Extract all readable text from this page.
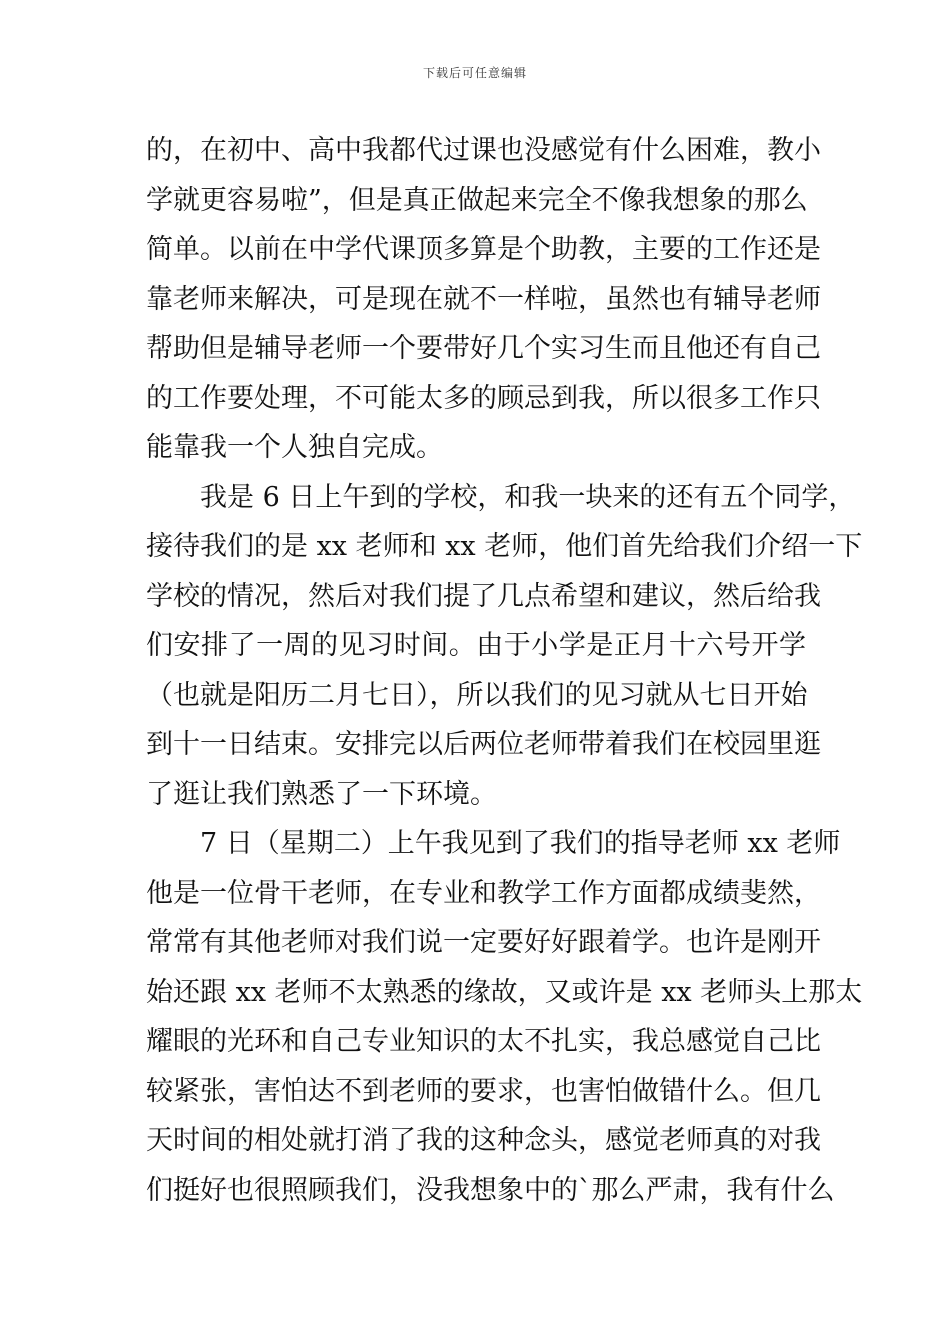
下载后可任意编辑
的，在初中、高中我都代过课也没感觉有什么困难，教小
学就更容易啦”，但是真正做起来完全不像我想象的那么
简单。以前在中学代课顶多算是个助教，主要的工作还是
靠老师来解决，可是现在就不一样啦，虽然也有辅导老师
帮助但是辅导老师一个要带好几个实习生而且他还有自己
的工作要处理，不可能太多的顾忌到我，所以很多工作只
能靠我一个人独自完成。
我是 6 日上午到的学校，和我一块来的还有五个同学，
接待我们的是 xx 老师和 xx 老师，他们首先给我们介绍一下
学校的情况，然后对我们提了几点希望和建议，然后给我
们安排了一周的见习时间。由于小学是正月十六号开学
（也就是阳历二月七日），所以我们的见习就从七日开始
到十一日结束。安排完以后两位老师带着我们在校园里逛
了逛让我们熟悉了一下环境。
7 日（星期二）上午我见到了我们的指导老师 xx 老师
他是一位骨干老师，在专业和教学工作方面都成绩斐然，
常常有其他老师对我们说一定要好好跟着学。也许是刚开
始还跟 xx 老师不太熟悉的缘故，又或许是 xx 老师头上那太
耀眼的光环和自己专业知识的太不扎实，我总感觉自己比
较紧张，害怕达不到老师的要求，也害怕做错什么。但几
天时间的相处就打消了我的这种念头，感觉老师真的对我
们挺好也很照顾我们，没我想象中的`那么严肃，我有什么
